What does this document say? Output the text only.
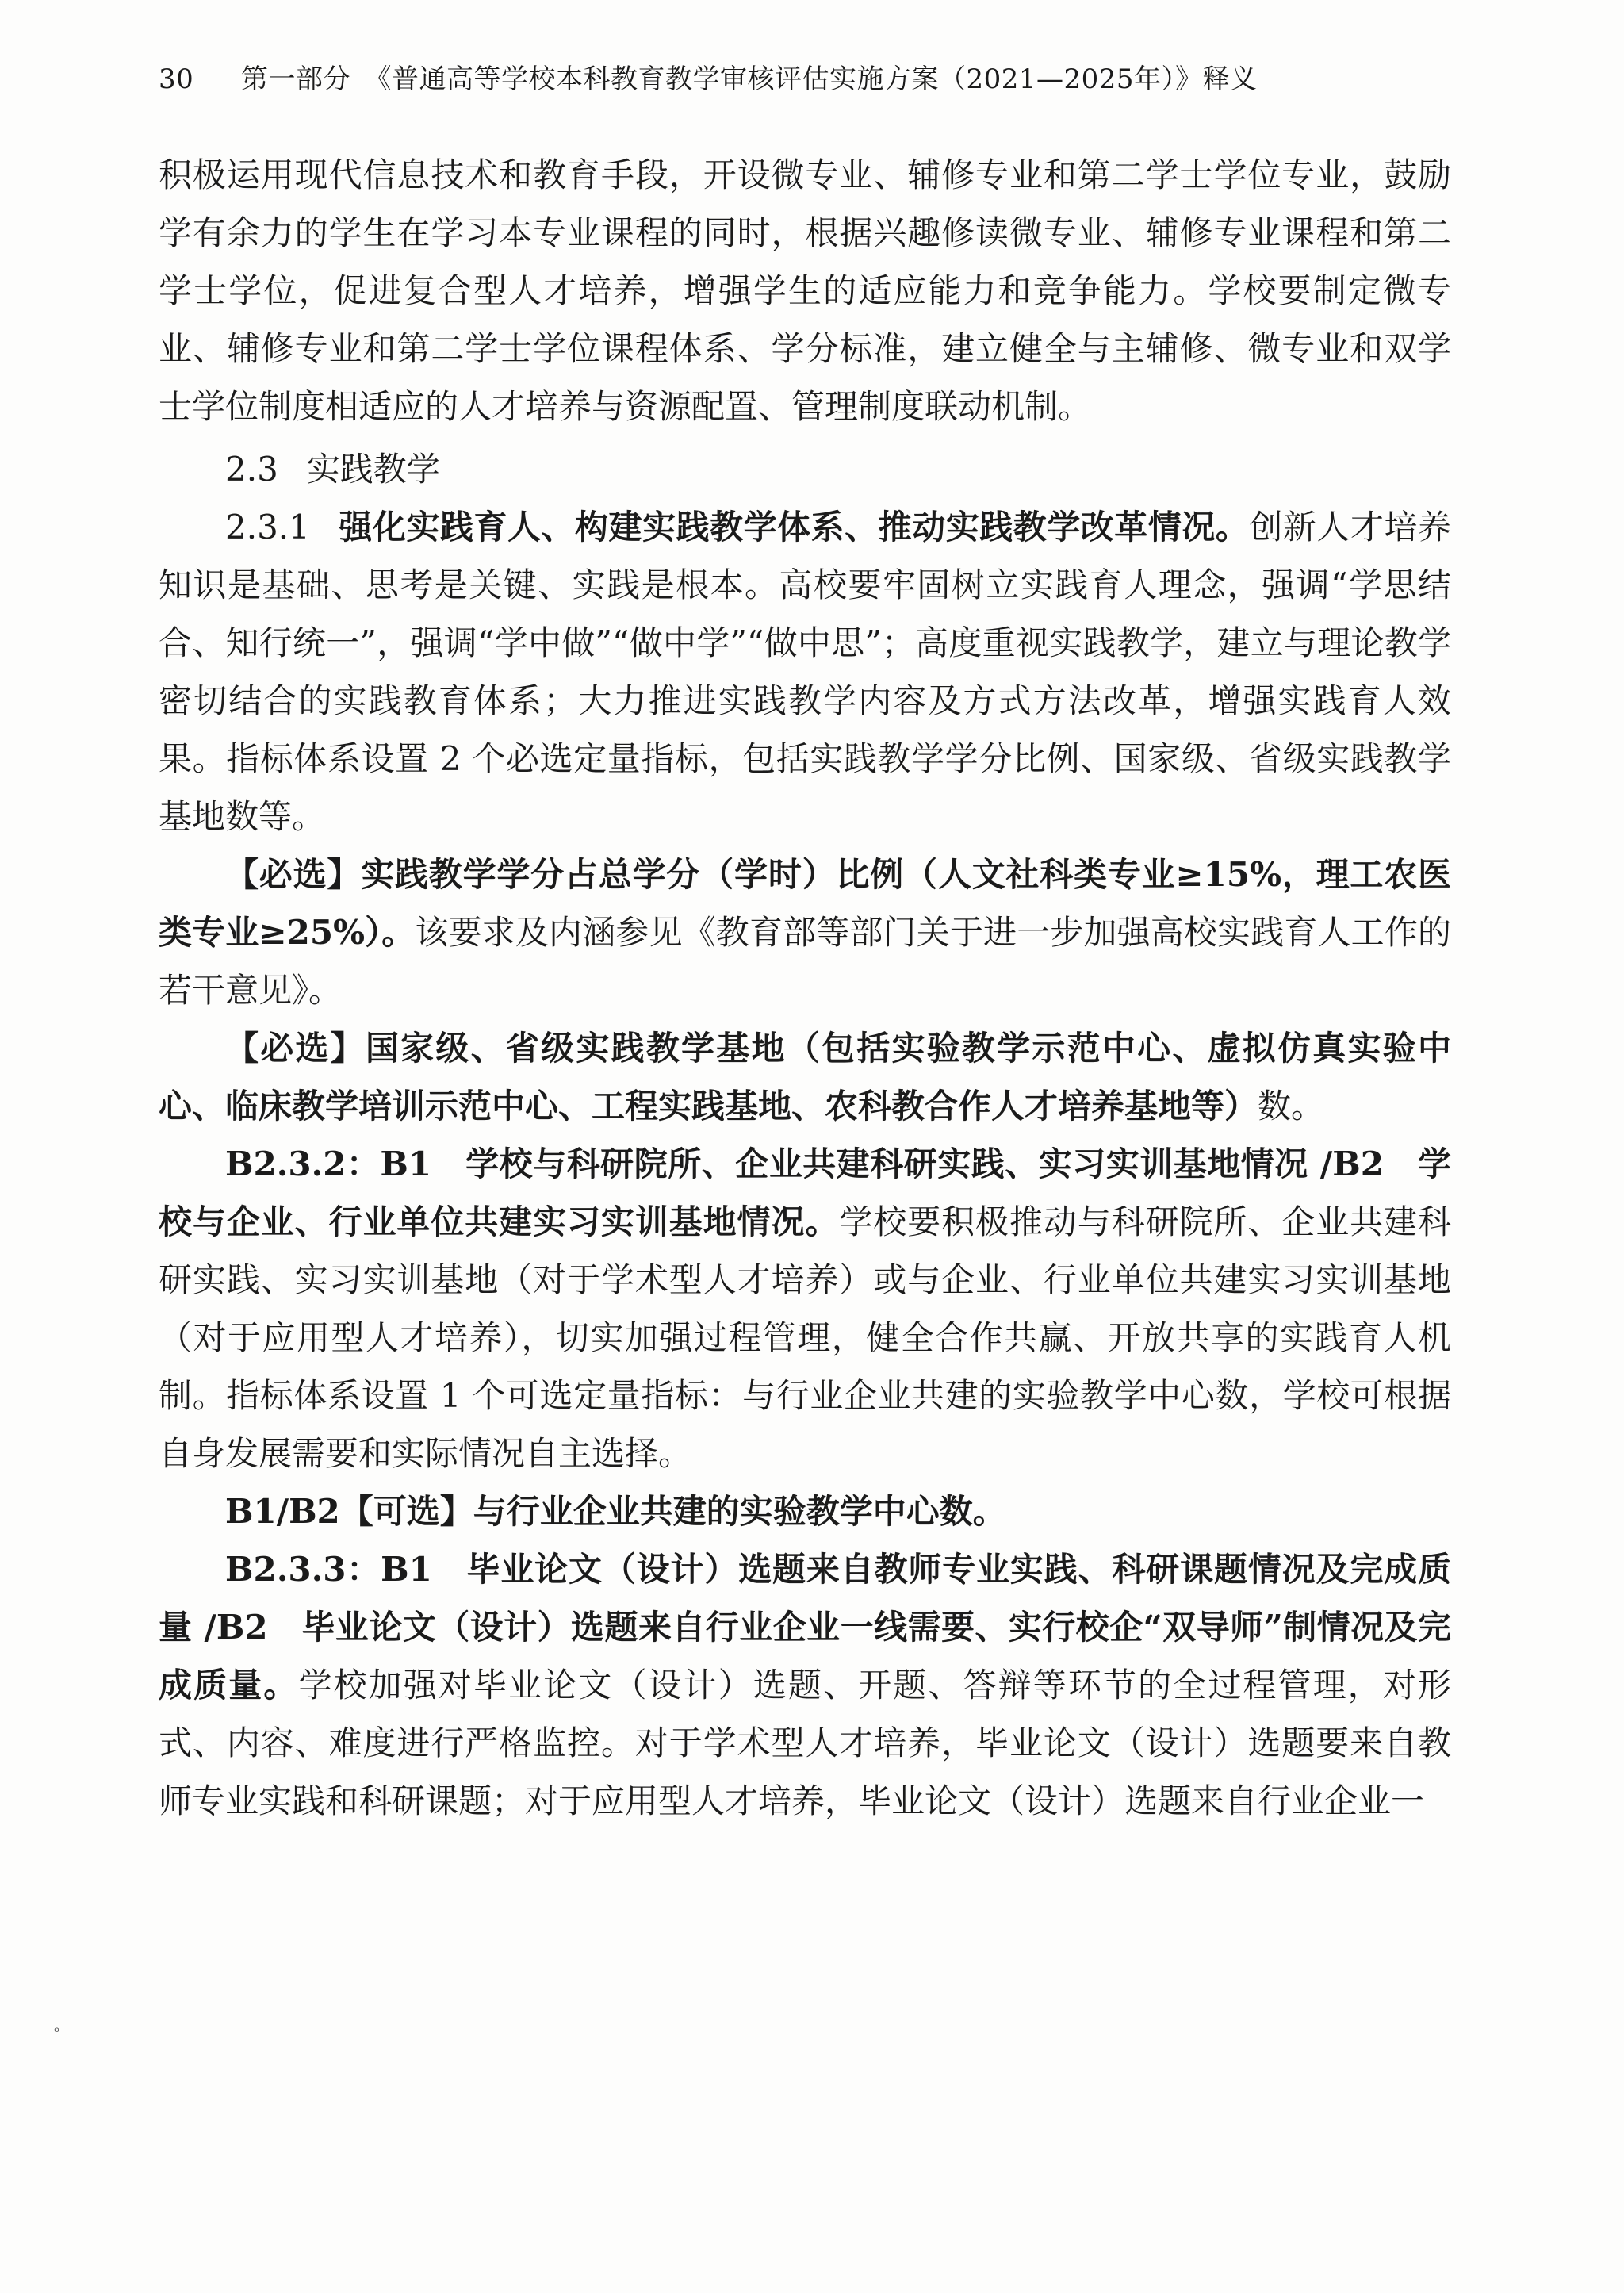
30 第一部分　《普通高等学校本科教育教学审核评估实施方案（2021—2025年）》释义

积极运用现代信息技术和教育手段，开设微专业、辅修专业和第二学士学位专业，鼓励学有余力的学生在学习本专业课程的同时，根据兴趣修读微专业、辅修专业课程和第二学士学位，促进复合型人才培养，增强学生的适应能力和竞争能力。学校要制定微专业、辅修专业和第二学士学位课程体系、学分标准，建立健全与主辅修、微专业和双学士学位制度相适应的人才培养与资源配置、管理制度联动机制。

2.3 实践教学

2.3.1 强化实践育人、构建实践教学体系、推动实践教学改革情况。创新人才培养知识是基础、思考是关键、实践是根本。高校要牢固树立实践育人理念，强调“学思结合、知行统一”，强调“学中做”“做中学”“做中思”；高度重视实践教学，建立与理论教学密切结合的实践教育体系；大力推进实践教学内容及方式方法改革，增强实践育人效果。指标体系设置 2 个必选定量指标，包括实践教学学分比例、国家级、省级实践教学基地数等。

【必选】实践教学学分占总学分（学时）比例（人文社科类专业≥15%，理工农医类专业≥25%）。该要求及内涵参见《教育部等部门关于进一步加强高校实践育人工作的若干意见》。

【必选】国家级、省级实践教学基地（包括实验教学示范中心、虚拟仿真实验中心、临床教学培训示范中心、工程实践基地、农科教合作人才培养基地等）数。

B2.3.2：B1　学校与科研院所、企业共建科研实践、实习实训基地情况 /B2　学校与企业、行业单位共建实习实训基地情况。学校要积极推动与科研院所、企业共建科研实践、实习实训基地（对于学术型人才培养）或与企业、行业单位共建实习实训基地（对于应用型人才培养），切实加强过程管理，健全合作共赢、开放共享的实践育人机制。指标体系设置 1 个可选定量指标：与行业企业共建的实验教学中心数，学校可根据自身发展需要和实际情况自主选择。

B1/B2【可选】与行业企业共建的实验教学中心数。

B2.3.3：B1　毕业论文（设计）选题来自教师专业实践、科研课题情况及完成质量 /B2　毕业论文（设计）选题来自行业企业一线需要、实行校企“双导师”制情况及完成质量。学校加强对毕业论文（设计）选题、开题、答辩等环节的全过程管理，对形式、内容、难度进行严格监控。对于学术型人才培养，毕业论文（设计）选题要来自教师专业实践和科研课题；对于应用型人才培养，毕业论文（设计）选题来自行业企业一

ₒ
